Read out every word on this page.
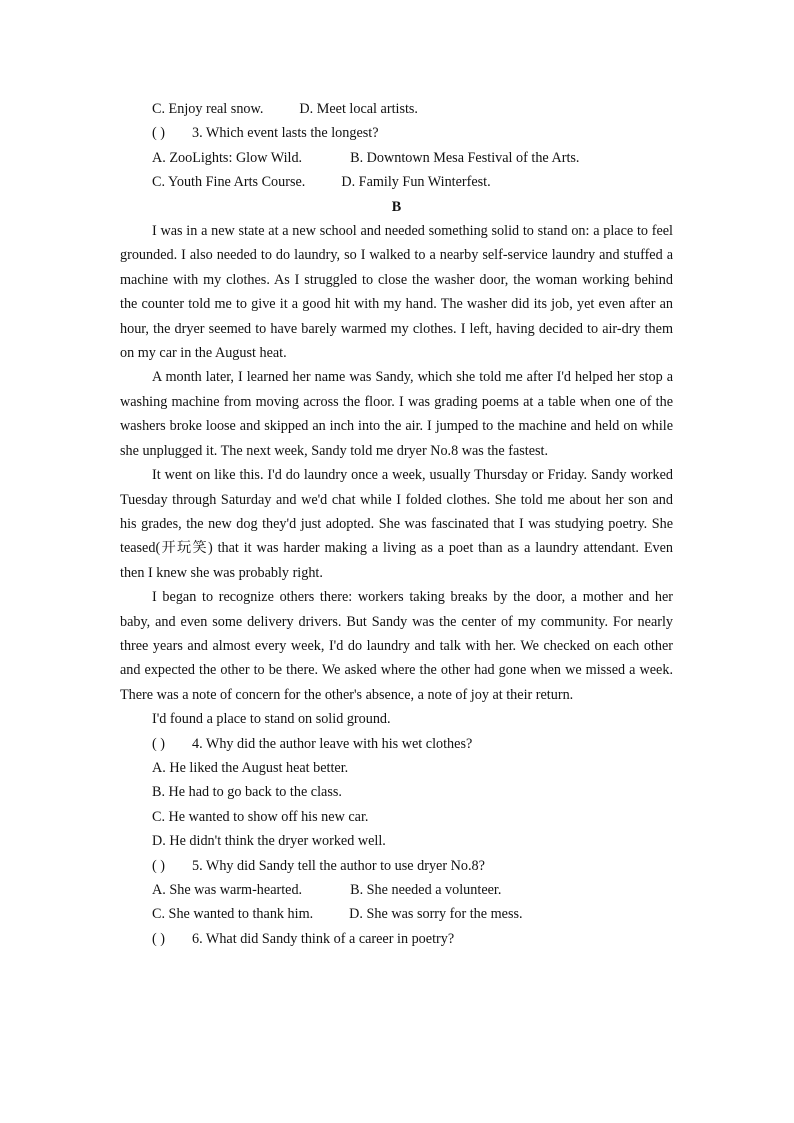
C. Enjoy real snow.	D. Meet local artists.
( ) 3. Which event lasts the longest?
A. ZooLights: Glow Wild.	B. Downtown Mesa Festival of the Arts.
C. Youth Fine Arts Course.	D. Family Fun Winterfest.
B

I was in a new state at a new school and needed something solid to stand on: a place to feel grounded. I also needed to do laundry, so I walked to a nearby self-service laundry and stuffed a machine with my clothes. As I struggled to close the washer door, the woman working behind the counter told me to give it a good hit with my hand. The washer did its job, yet even after an hour, the dryer seemed to have barely warmed my clothes. I left, having decided to air-dry them on my car in the August heat.

A month later, I learned her name was Sandy, which she told me after I'd helped her stop a washing machine from moving across the floor. I was grading poems at a table when one of the washers broke loose and skipped an inch into the air. I jumped to the machine and held on while she unplugged it. The next week, Sandy told me dryer No.8 was the fastest.

It went on like this. I'd do laundry once a week, usually Thursday or Friday. Sandy worked Tuesday through Saturday and we'd chat while I folded clothes. She told me about her son and his grades, the new dog they'd just adopted. She was fascinated that I was studying poetry. She teased(开玩笑) that it was harder making a living as a poet than as a laundry attendant. Even then I knew she was probably right.

I began to recognize others there: workers taking breaks by the door, a mother and her baby, and even some delivery drivers. But Sandy was the center of my community. For nearly three years and almost every week, I'd do laundry and talk with her. We checked on each other and expected the other to be there. We asked where the other had gone when we missed a week. There was a note of concern for the other's absence, a note of joy at their return.

I'd found a place to stand on solid ground.

( ) 4. Why did the author leave with his wet clothes?
A. He liked the August heat better.
B. He had to go back to the class.
C. He wanted to show off his new car.
D. He didn't think the dryer worked well.
( ) 5. Why did Sandy tell the author to use dryer No.8?
A. She was warm-hearted.	B. She needed a volunteer.
C. She wanted to thank him.	D. She was sorry for the mess.
( ) 6. What did Sandy think of a career in poetry?
